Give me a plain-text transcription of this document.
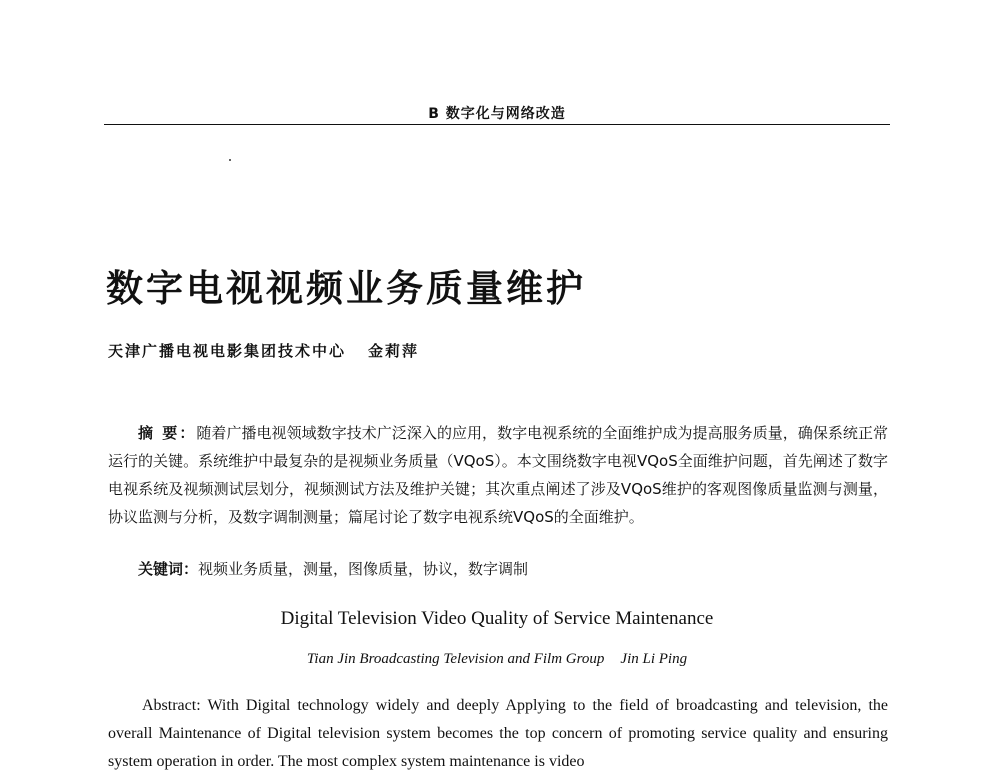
B 数字化与网络改造
数字电视视频业务质量维护
天津广播电视电影集团技术中心 金莉萍
摘 要：随着广播电视领域数字技术广泛深入的应用，数字电视系统的全面维护成为提高服务质量，确保系统正常运行的关键。系统维护中最复杂的是视频业务质量（VQoS）。本文围绕数字电视VQoS全面维护问题，首先阐述了数字电视系统及视频测试层划分，视频测试方法及维护关键；其次重点阐述了涉及VQoS维护的客观图像质量监测与测量，协议监测与分析，及数字调制测量；篇尾讨论了数字电视系统VQoS的全面维护。
关键词：视频业务质量，测量，图像质量，协议，数字调制
Digital Television Video Quality of Service Maintenance
Tian Jin Broadcasting Television and Film Group Jin Li Ping
Abstract: With Digital technology widely and deeply Applying to the field of broadcasting and television, the overall Maintenance of Digital television system becomes the top concern of promoting service quality and ensuring system operation in order. The most complex system maintenance is video
